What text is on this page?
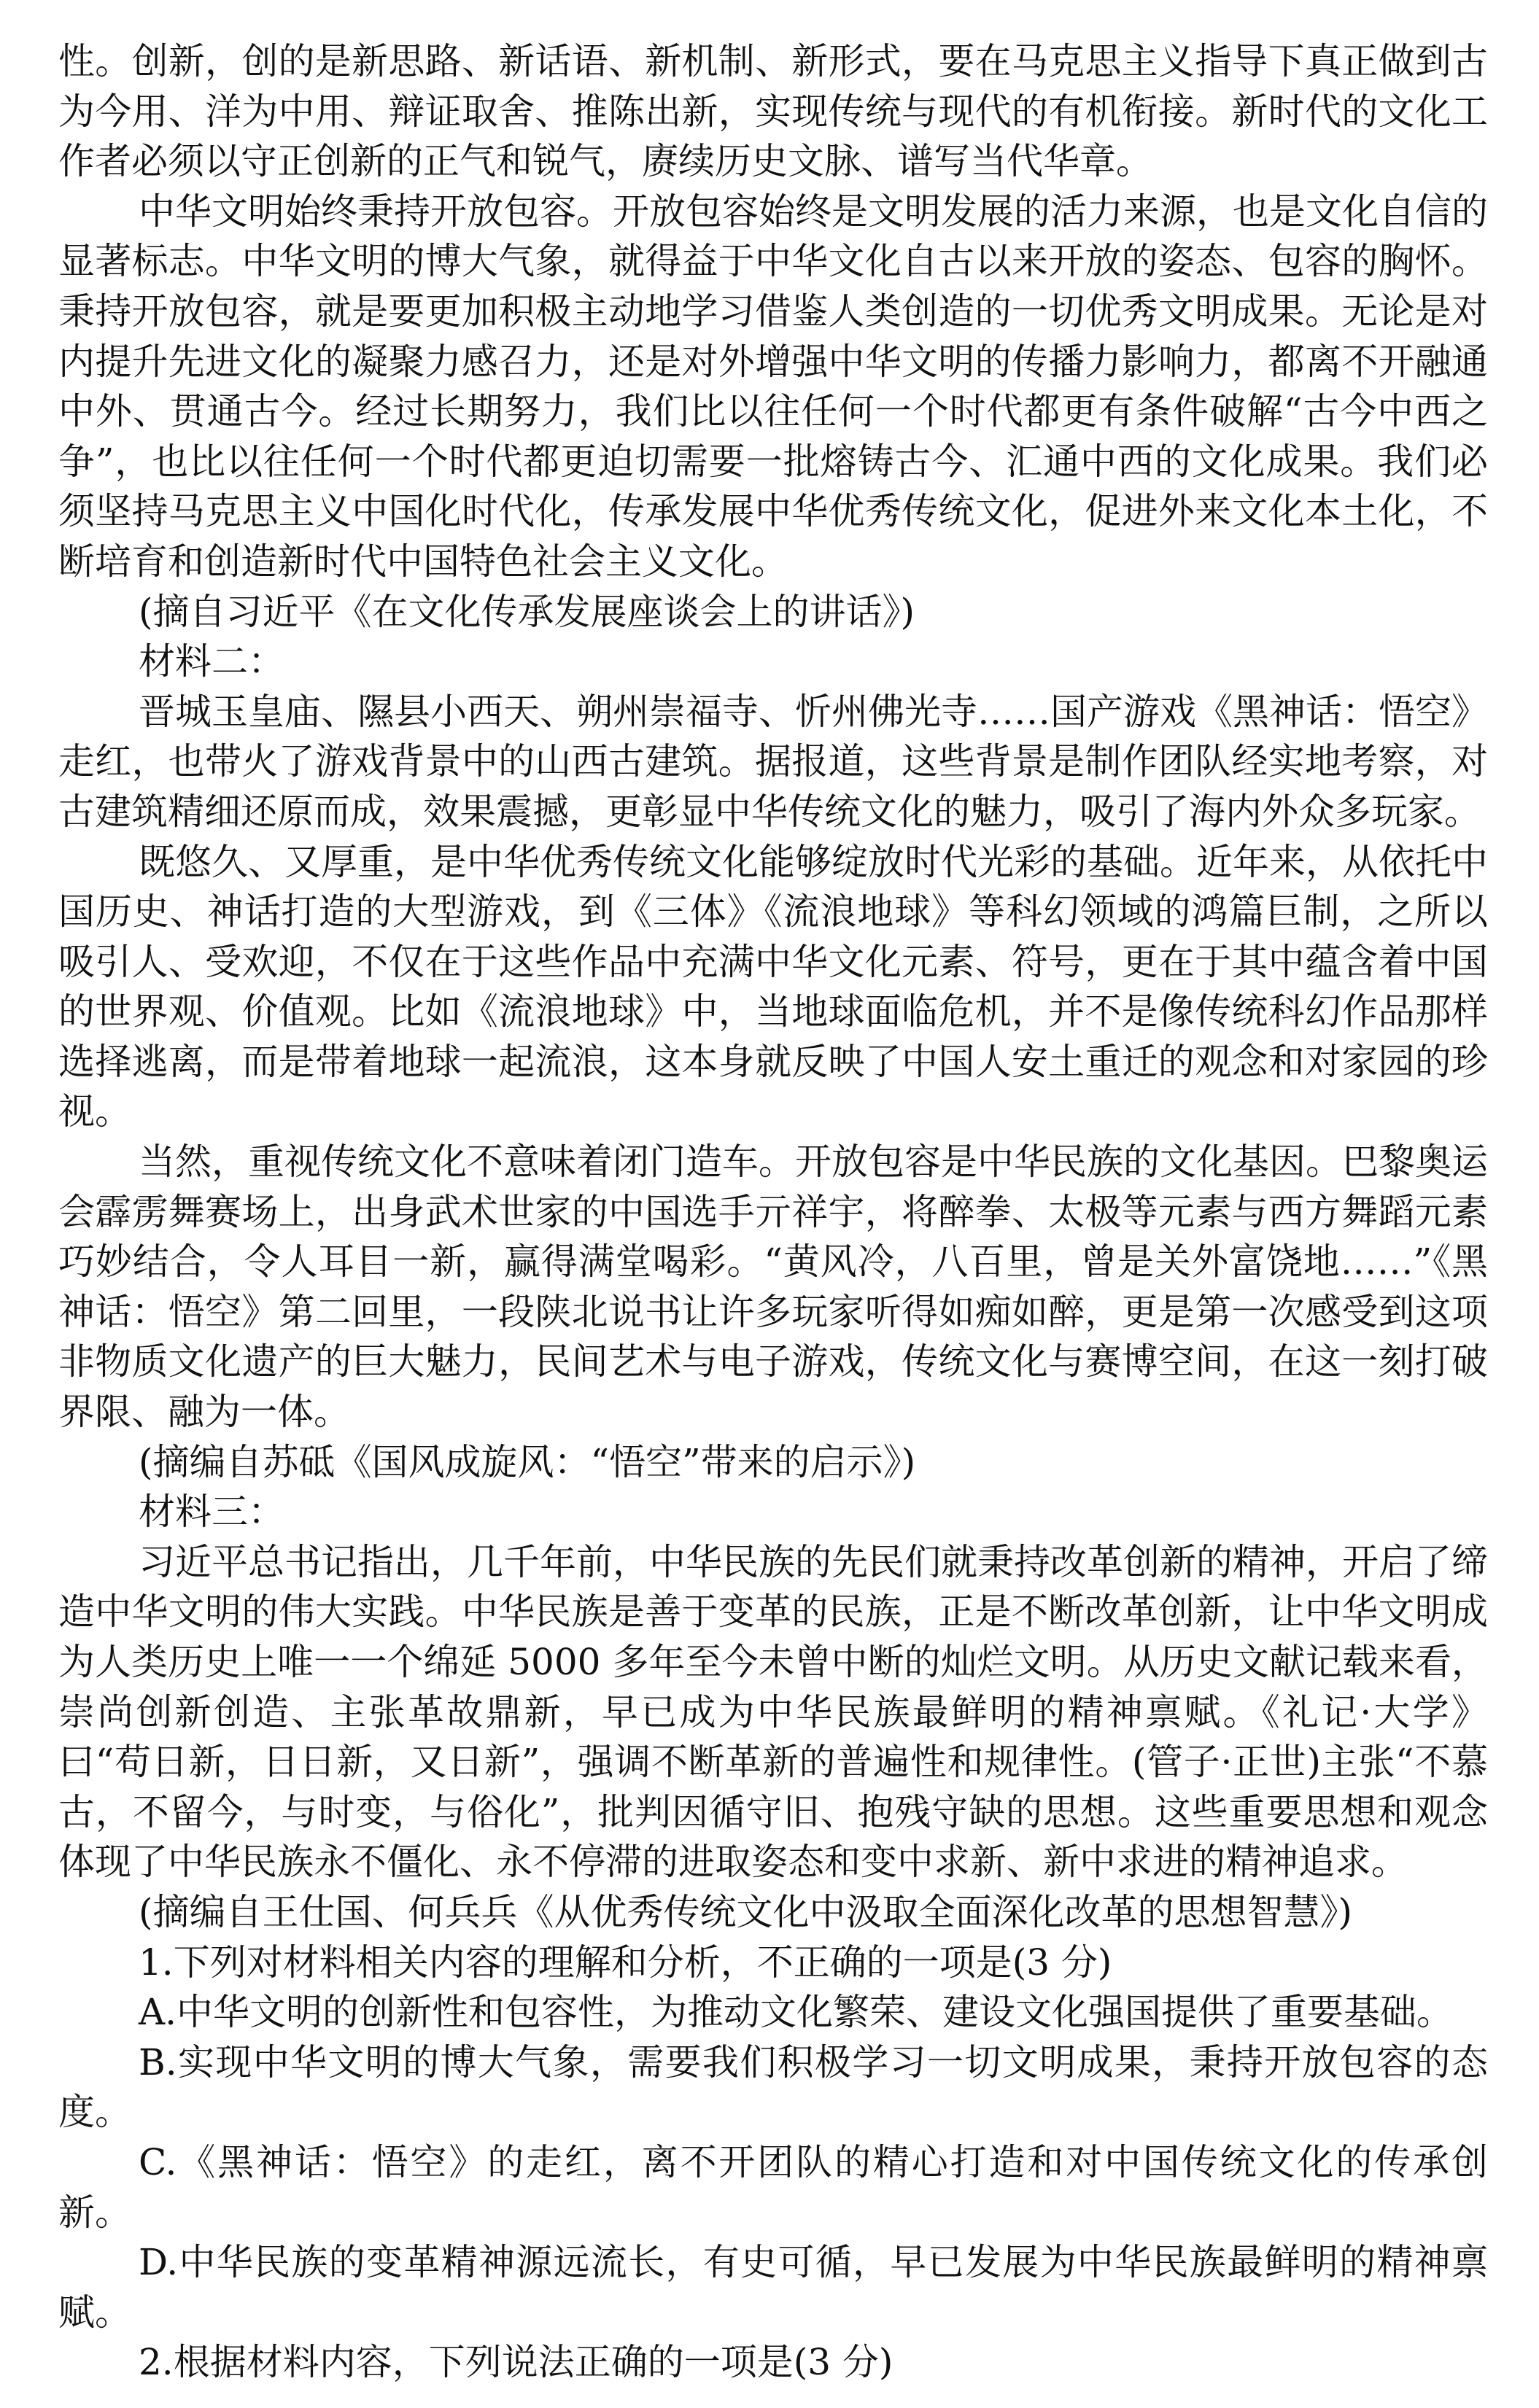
性。创新，创的是新思路、新话语、新机制、新形式，要在马克思主义指导下真正做到古为今用、洋为中用、辩证取舍、推陈出新，实现传统与现代的有机衔接。新时代的文化工作者必须以守正创新的正气和锐气，赓续历史文脉、谱写当代华章。

中华文明始终秉持开放包容。开放包容始终是文明发展的活力来源，也是文化自信的显著标志。中华文明的博大气象，就得益于中华文化自古以来开放的姿态、包容的胸怀。秉持开放包容，就是要更加积极主动地学习借鉴人类创造的一切优秀文明成果。无论是对内提升先进文化的凝聚力感召力，还是对外增强中华文明的传播力影响力，都离不开融通中外、贯通古今。经过长期努力，我们比以往任何一个时代都更有条件破解“古今中西之争”，也比以往任何一个时代都更迫切需要一批熔铸古今、汇通中西的文化成果。我们必须坚持马克思主义中国化时代化，传承发展中华优秀传统文化，促进外来文化本土化，不断培育和创造新时代中国特色社会主义文化。

(摘自习近平《在文化传承发展座谈会上的讲话》)

材料二：

晋城玉皇庙、隰县小西天、朔州崇福寺、忻州佛光寺……国产游戏《黑神话：悟空》走红，也带火了游戏背景中的山西古建筑。据报道，这些背景是制作团队经实地考察，对古建筑精细还原而成，效果震撼，更彰显中华传统文化的魅力，吸引了海内外众多玩家。

既悠久、又厚重，是中华优秀传统文化能够绽放时代光彩的基础。近年来，从依托中国历史、神话打造的大型游戏，到《三体》《流浪地球》等科幻领域的鸿篇巨制，之所以吸引人、受欢迎，不仅在于这些作品中充满中华文化元素、符号，更在于其中蕴含着中国的世界观、价值观。比如《流浪地球》中，当地球面临危机，并不是像传统科幻作品那样选择逃离，而是带着地球一起流浪，这本身就反映了中国人安土重迁的观念和对家园的珍视。

当然，重视传统文化不意味着闭门造车。开放包容是中华民族的文化基因。巴黎奥运会霹雳舞赛场上，出身武术世家的中国选手亓祥宇，将醉拳、太极等元素与西方舞蹈元素巧妙结合，令人耳目一新，赢得满堂喝彩。“黄风冷，八百里，曾是关外富饶地……”《黑神话：悟空》第二回里，一段陕北说书让许多玩家听得如痴如醉，更是第一次感受到这项非物质文化遗产的巨大魅力，民间艺术与电子游戏，传统文化与赛博空间，在这一刻打破界限、融为一体。

(摘编自苏砥《国风成旋风：“悟空”带来的启示》)

材料三：

习近平总书记指出，几千年前，中华民族的先民们就秉持改革创新的精神，开启了缔造中华文明的伟大实践。中华民族是善于变革的民族，正是不断改革创新，让中华文明成为人类历史上唯一一个绵延 5000 多年至今未曾中断的灿烂文明。从历史文献记载来看，崇尚创新创造、主张革故鼎新，早已成为中华民族最鲜明的精神禀赋。《礼记·大学》曰“苟日新，日日新，又日新”，强调不断革新的普遍性和规律性。(管子·正世)主张“不慕古，不留今，与时变，与俗化”，批判因循守旧、抱残守缺的思想。这些重要思想和观念体现了中华民族永不僵化、永不停滞的进取姿态和变中求新、新中求进的精神追求。

(摘编自王仕国、何兵兵《从优秀传统文化中汲取全面深化改革的思想智慧》)

1.下列对材料相关内容的理解和分析，不正确的一项是(3 分)

A.中华文明的创新性和包容性，为推动文化繁荣、建设文化强国提供了重要基础。

B.实现中华文明的博大气象，需要我们积极学习一切文明成果，秉持开放包容的态度。

C.《黑神话：悟空》的走红，离不开团队的精心打造和对中国传统文化的传承创新。

D.中华民族的变革精神源远流长，有史可循，早已发展为中华民族最鲜明的精神禀赋。

2.根据材料内容，下列说法正确的一项是(3 分)
